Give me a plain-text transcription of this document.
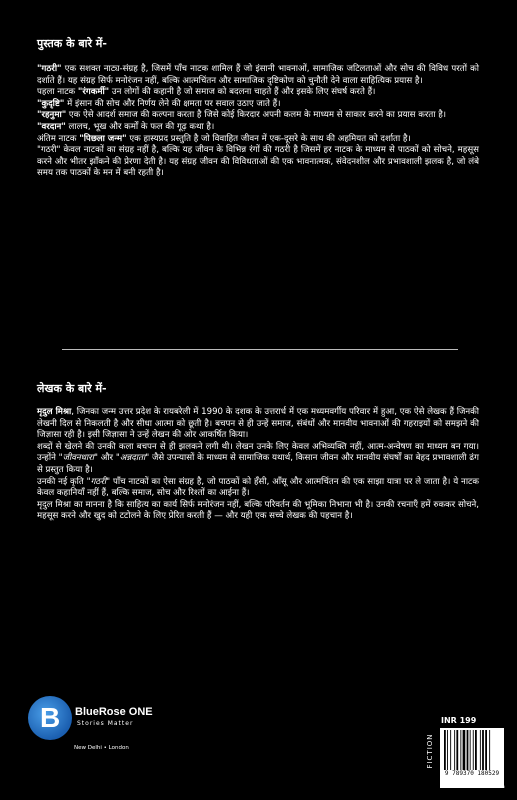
पुस्तक के बारे में-

"गठरी" एक सशक्त नाट्य-संग्रह है, जिसमें पाँच नाटक शामिल हैं जो इंसानी भावनाओं, सामाजिक जटिलताओं और सोच की विविध परतों को दर्शाते हैं। यह संग्रह सिर्फ मनोरंजन नहीं, बल्कि आत्मचिंतन और सामाजिक दृष्टिकोण को चुनौती देने वाला साहित्यिक प्रयास है।

पहला नाटक "रंगकर्मी" उन लोगों की कहानी है जो समाज को बदलना चाहते हैं और इसके लिए संघर्ष करते हैं।

"कुदृष्टि" में इंसान की सोच और निर्णय लेने की क्षमता पर सवाल उठाए जाते हैं।

"रहनुमा" एक ऐसे आदर्श समाज की कल्पना करता है जिसे कोई किरदार अपनी कलम के माध्यम से साकार करने का प्रयास करता है।

"वरदान" लालच, भूख और कर्मों के फल की गूढ़ कथा है।

अंतिम नाटक "पिछला जन्म" एक हास्यप्रद प्रस्तुति है जो विवाहित जीवन में एक-दूसरे के साथ की अहमियत को दर्शाता है।

"गठरी" केवल नाटकों का संग्रह नहीं है, बल्कि यह जीवन के विभिन्न रंगों की गठरी है जिसमें हर नाटक के माध्यम से पाठकों को सोचने, महसूस करने और भीतर झाँकने की प्रेरणा देती है। यह संग्रह जीवन की विविधताओं की एक भावनात्मक, संवेदनशील और प्रभावशाली झलक है, जो लंबे समय तक पाठकों के मन में बनी रहती है।

लेखक के बारे में-

मृदुल मिश्रा, जिनका जन्म उत्तर प्रदेश के रायबरेली में 1990 के दशक के उत्तरार्ध में एक मध्यमवर्गीय परिवार में हुआ, एक ऐसे लेखक हैं जिनकी लेखनी दिल से निकलती है और सीधा आत्मा को छूती है। बचपन से ही उन्हें समाज, संबंधों और मानवीय भावनाओं की गहराइयों को समझने की जिज्ञासा रही है। इसी जिज्ञासा ने उन्हें लेखन की ओर आकर्षित किया।

शब्दों से खेलने की उनकी कला बचपन से ही झलकने लगी थी। लेखन उनके लिए केवल अभिव्यक्ति नहीं, आत्म-अन्वेषण का माध्यम बन गया। उन्होंने "जीवनधारा" और "अन्नदाता" जैसे उपन्यासों के माध्यम से सामाजिक यथार्थ, किसान जीवन और मानवीय संघर्षों का बेहद प्रभावशाली ढंग से प्रस्तुत किया है।

उनकी नई कृति "गठरी" पाँच नाटकों का ऐसा संग्रह है, जो पाठकों को हँसी, आँसू और आत्मचिंतन की एक साझा यात्रा पर ले जाता है। ये नाटक केवल कहानियाँ नहीं हैं, बल्कि समाज, सोच और रिश्तों का आईना हैं।

मृदुल मिश्रा का मानना है कि साहित्य का कार्य सिर्फ मनोरंजन नहीं, बल्कि परिवर्तन की भूमिका निभाना भी है। उनकी रचनाएँ हमें रुककर सोचने, महसूस करने और खुद को टटोलने के लिए प्रेरित करती हैं — और यही एक सच्चे लेखक की पहचान है।

B BlueRose ONE
Stories Matter
New Delhi • London
INR 199
FICTION
9 789370 180529
www.BlueRoseOne.com
